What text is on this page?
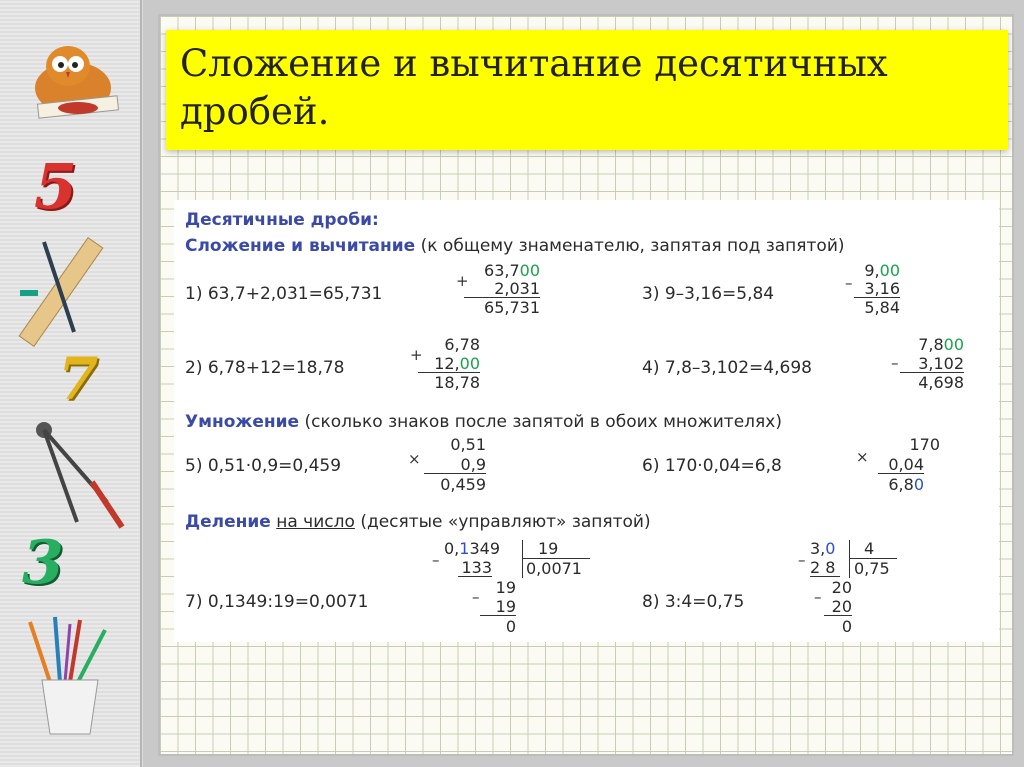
5
7
3
Сложение и вычитание десятичных
дробей.
Десятичные дроби:
Сложение и вычитание (к общему знаменателю, запятая под запятой)
1) 63,7+2,031=65,731
+
63,700
2,031
65,731
3) 9–3,16=5,84
–
9,00
3,16
5,84
2) 6,78+12=18,78
+
6,78
12,00
18,78
4) 7,8–3,102=4,698	–
7,800
3,102
4,698
Умножение (сколько знаков после запятой в обоих множителях)
5) 0,51·0,9=0,459	×
0,51
0,9
0,459
6) 170·0,04=6,8	×
170
0,04
6,80
Деление на число (десятые «управляют» запятой)
7) 0,1349:19=0,0071
–
0,1349	19
0,0071
133
–	19
19
0
8) 3:4=0,75
–
3,0	4
0,75
2 8
– 20
20
0
